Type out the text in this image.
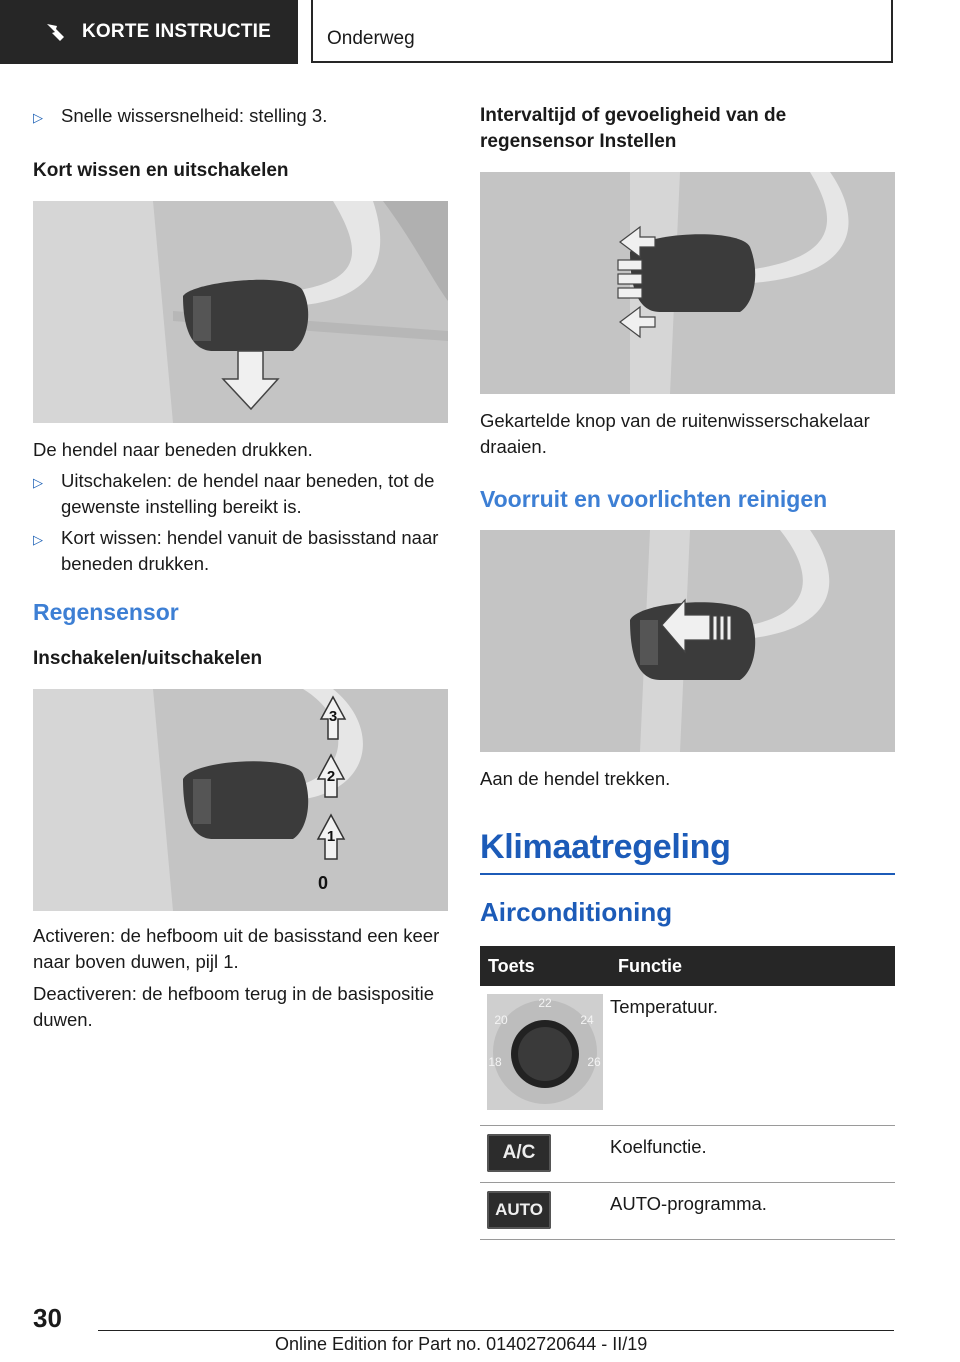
KORTE INSTRUCTIE	Onderweg
▷ Snelle wissersnelheid: stelling 3.

Kort wissen en uitschakelen

De hendel naar beneden drukken.

▷ Uitschakelen: de hendel naar beneden, tot de gewenste instelling bereikt is.
▷ Kort wissen: hendel vanuit de basisstand naar beneden drukken.

Regensensor

Inschakelen/uitschakelen

3
2
1
0

Activeren: de hefboom uit de basisstand een keer naar boven duwen, pijl 1.

Deactiveren: de hefboom terug in de basispositie duwen.

Intervaltijd of gevoeligheid van de regensensor Instellen

Gekartelde knop van de ruitenwisserschakelaar draaien.

Voorruit en voorlichten reinigen

Aan de hendel trekken.

Klimaatregeling

Airconditioning

Toets	Functie

22
20 24
18 26	Temperatuur.

A/C	Koelfunctie.

AUTO	AUTO-programma.
30
Online Edition for Part no. 01402720644 - II/19
